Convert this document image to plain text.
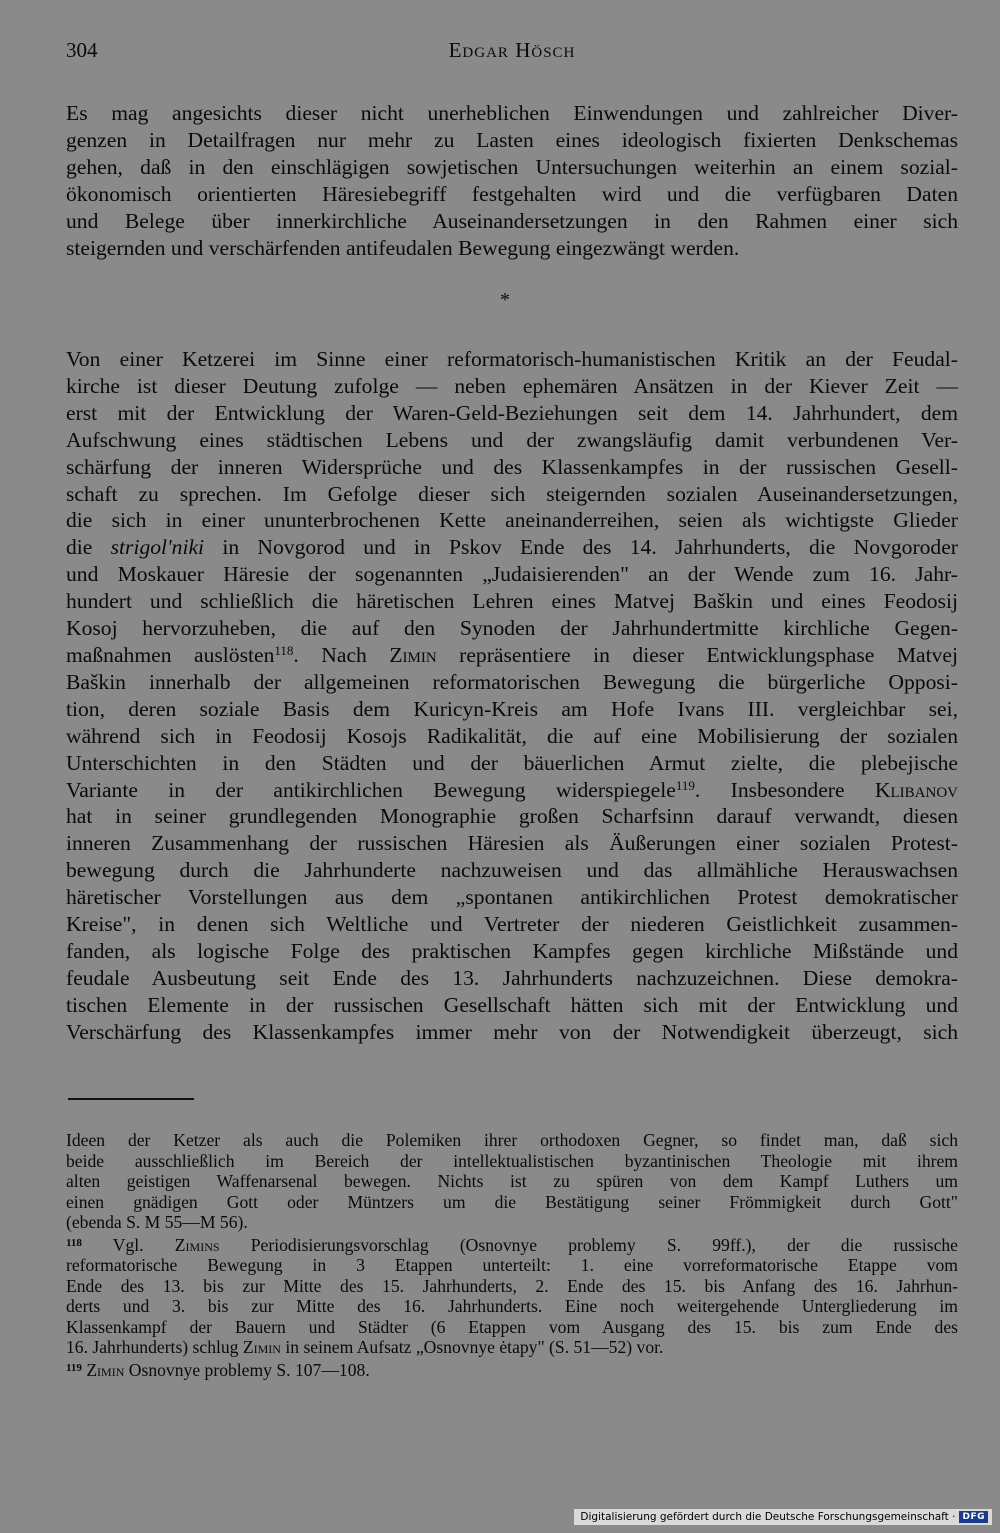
304	Edgar Hösch
Es mag angesichts dieser nicht unerheblichen Einwendungen und zahlreicher Diver-
genzen in Detailfragen nur mehr zu Lasten eines ideologisch fixierten Denkschemas
gehen, daß in den einschlägigen sowjetischen Untersuchungen weiterhin an einem sozial-
ökonomisch orientierten Häresiebegriff festgehalten wird und die verfügbaren Daten
und Belege über innerkirchliche Auseinandersetzungen in den Rahmen einer sich
steigernden und verschärfenden antifeudalen Bewegung eingezwängt werden.
*
Von einer Ketzerei im Sinne einer reformatorisch-humanistischen Kritik an der Feudal-
kirche ist dieser Deutung zufolge — neben ephemären Ansätzen in der Kiever Zeit —
erst mit der Entwicklung der Waren-Geld-Beziehungen seit dem 14. Jahrhundert, dem
Aufschwung eines städtischen Lebens und der zwangsläufig damit verbundenen Ver-
schärfung der inneren Widersprüche und des Klassenkampfes in der russischen Gesell-
schaft zu sprechen. Im Gefolge dieser sich steigernden sozialen Auseinandersetzungen,
die sich in einer ununterbrochenen Kette aneinanderreihen, seien als wichtigste Glieder
die strigol'niki in Novgorod und in Pskov Ende des 14. Jahrhunderts, die Novgoroder
und Moskauer Häresie der sogenannten „Judaisierenden" an der Wende zum 16. Jahr-
hundert und schließlich die häretischen Lehren eines Matvej Baškin und eines Feodosij
Kosoj hervorzuheben, die auf den Synoden der Jahrhundertmitte kirchliche Gegen-
maßnahmen auslösten$^{118}$. Nach Zimin repräsentiere in dieser Entwicklungsphase Matvej
Baškin innerhalb der allgemeinen reformatorischen Bewegung die bürgerliche Opposi-
tion, deren soziale Basis dem Kuricyn-Kreis am Hofe Ivans III. vergleichbar sei,
während sich in Feodosij Kosojs Radikalität, die auf eine Mobilisierung der sozialen
Unterschichten in den Städten und der bäuerlichen Armut zielte, die plebejische
Variante in der antikirchlichen Bewegung widerspiegele$^{119}$. Insbesondere Klibanov
hat in seiner grundlegenden Monographie großen Scharfsinn darauf verwandt, diesen
inneren Zusammenhang der russischen Häresien als Äußerungen einer sozialen Protest-
bewegung durch die Jahrhunderte nachzuweisen und das allmähliche Herauswachsen
häretischer Vorstellungen aus dem „spontanen antikirchlichen Protest demokratischer
Kreise", in denen sich Weltliche und Vertreter der niederen Geistlichkeit zusammen-
fanden, als logische Folge des praktischen Kampfes gegen kirchliche Mißstände und
feudale Ausbeutung seit Ende des 13. Jahrhunderts nachzuzeichnen. Diese demokra-
tischen Elemente in der russischen Gesellschaft hätten sich mit der Entwicklung und
Verschärfung des Klassenkampfes immer mehr von der Notwendigkeit überzeugt, sich
Ideen der Ketzer als auch die Polemiken ihrer orthodoxen Gegner, so findet man, daß sich
beide ausschließlich im Bereich der intellektualistischen byzantinischen Theologie mit ihrem
alten geistigen Waffenarsenal bewegen. Nichts ist zu spüren von dem Kampf Luthers um
einen gnädigen Gott oder Müntzers um die Bestätigung seiner Frömmigkeit durch Gott"
(ebenda S. M 55—M 56).
$^{118}$ Vgl. Zimins Periodisierungsvorschlag (Osnovnye problemy S. 99ff.), der die russische
reformatorische Bewegung in 3 Etappen unterteilt: 1. eine vorreformatorische Etappe vom
Ende des 13. bis zur Mitte des 15. Jahrhunderts, 2. Ende des 15. bis Anfang des 16. Jahrhun-
derts und 3. bis zur Mitte des 16. Jahrhunderts. Eine noch weitergehende Untergliederung im
Klassenkampf der Bauern und Städter (6 Etappen vom Ausgang des 15. bis zum Ende des
16. Jahrhunderts) schlug Zimin in seinem Aufsatz „Osnovnye ėtapy" (S. 51—52) vor.
$^{119}$ Zimin Osnovnye problemy S. 107—108.
Digitalisierung gefördert durch die Deutsche Forschungsgemeinschaft · DFG
